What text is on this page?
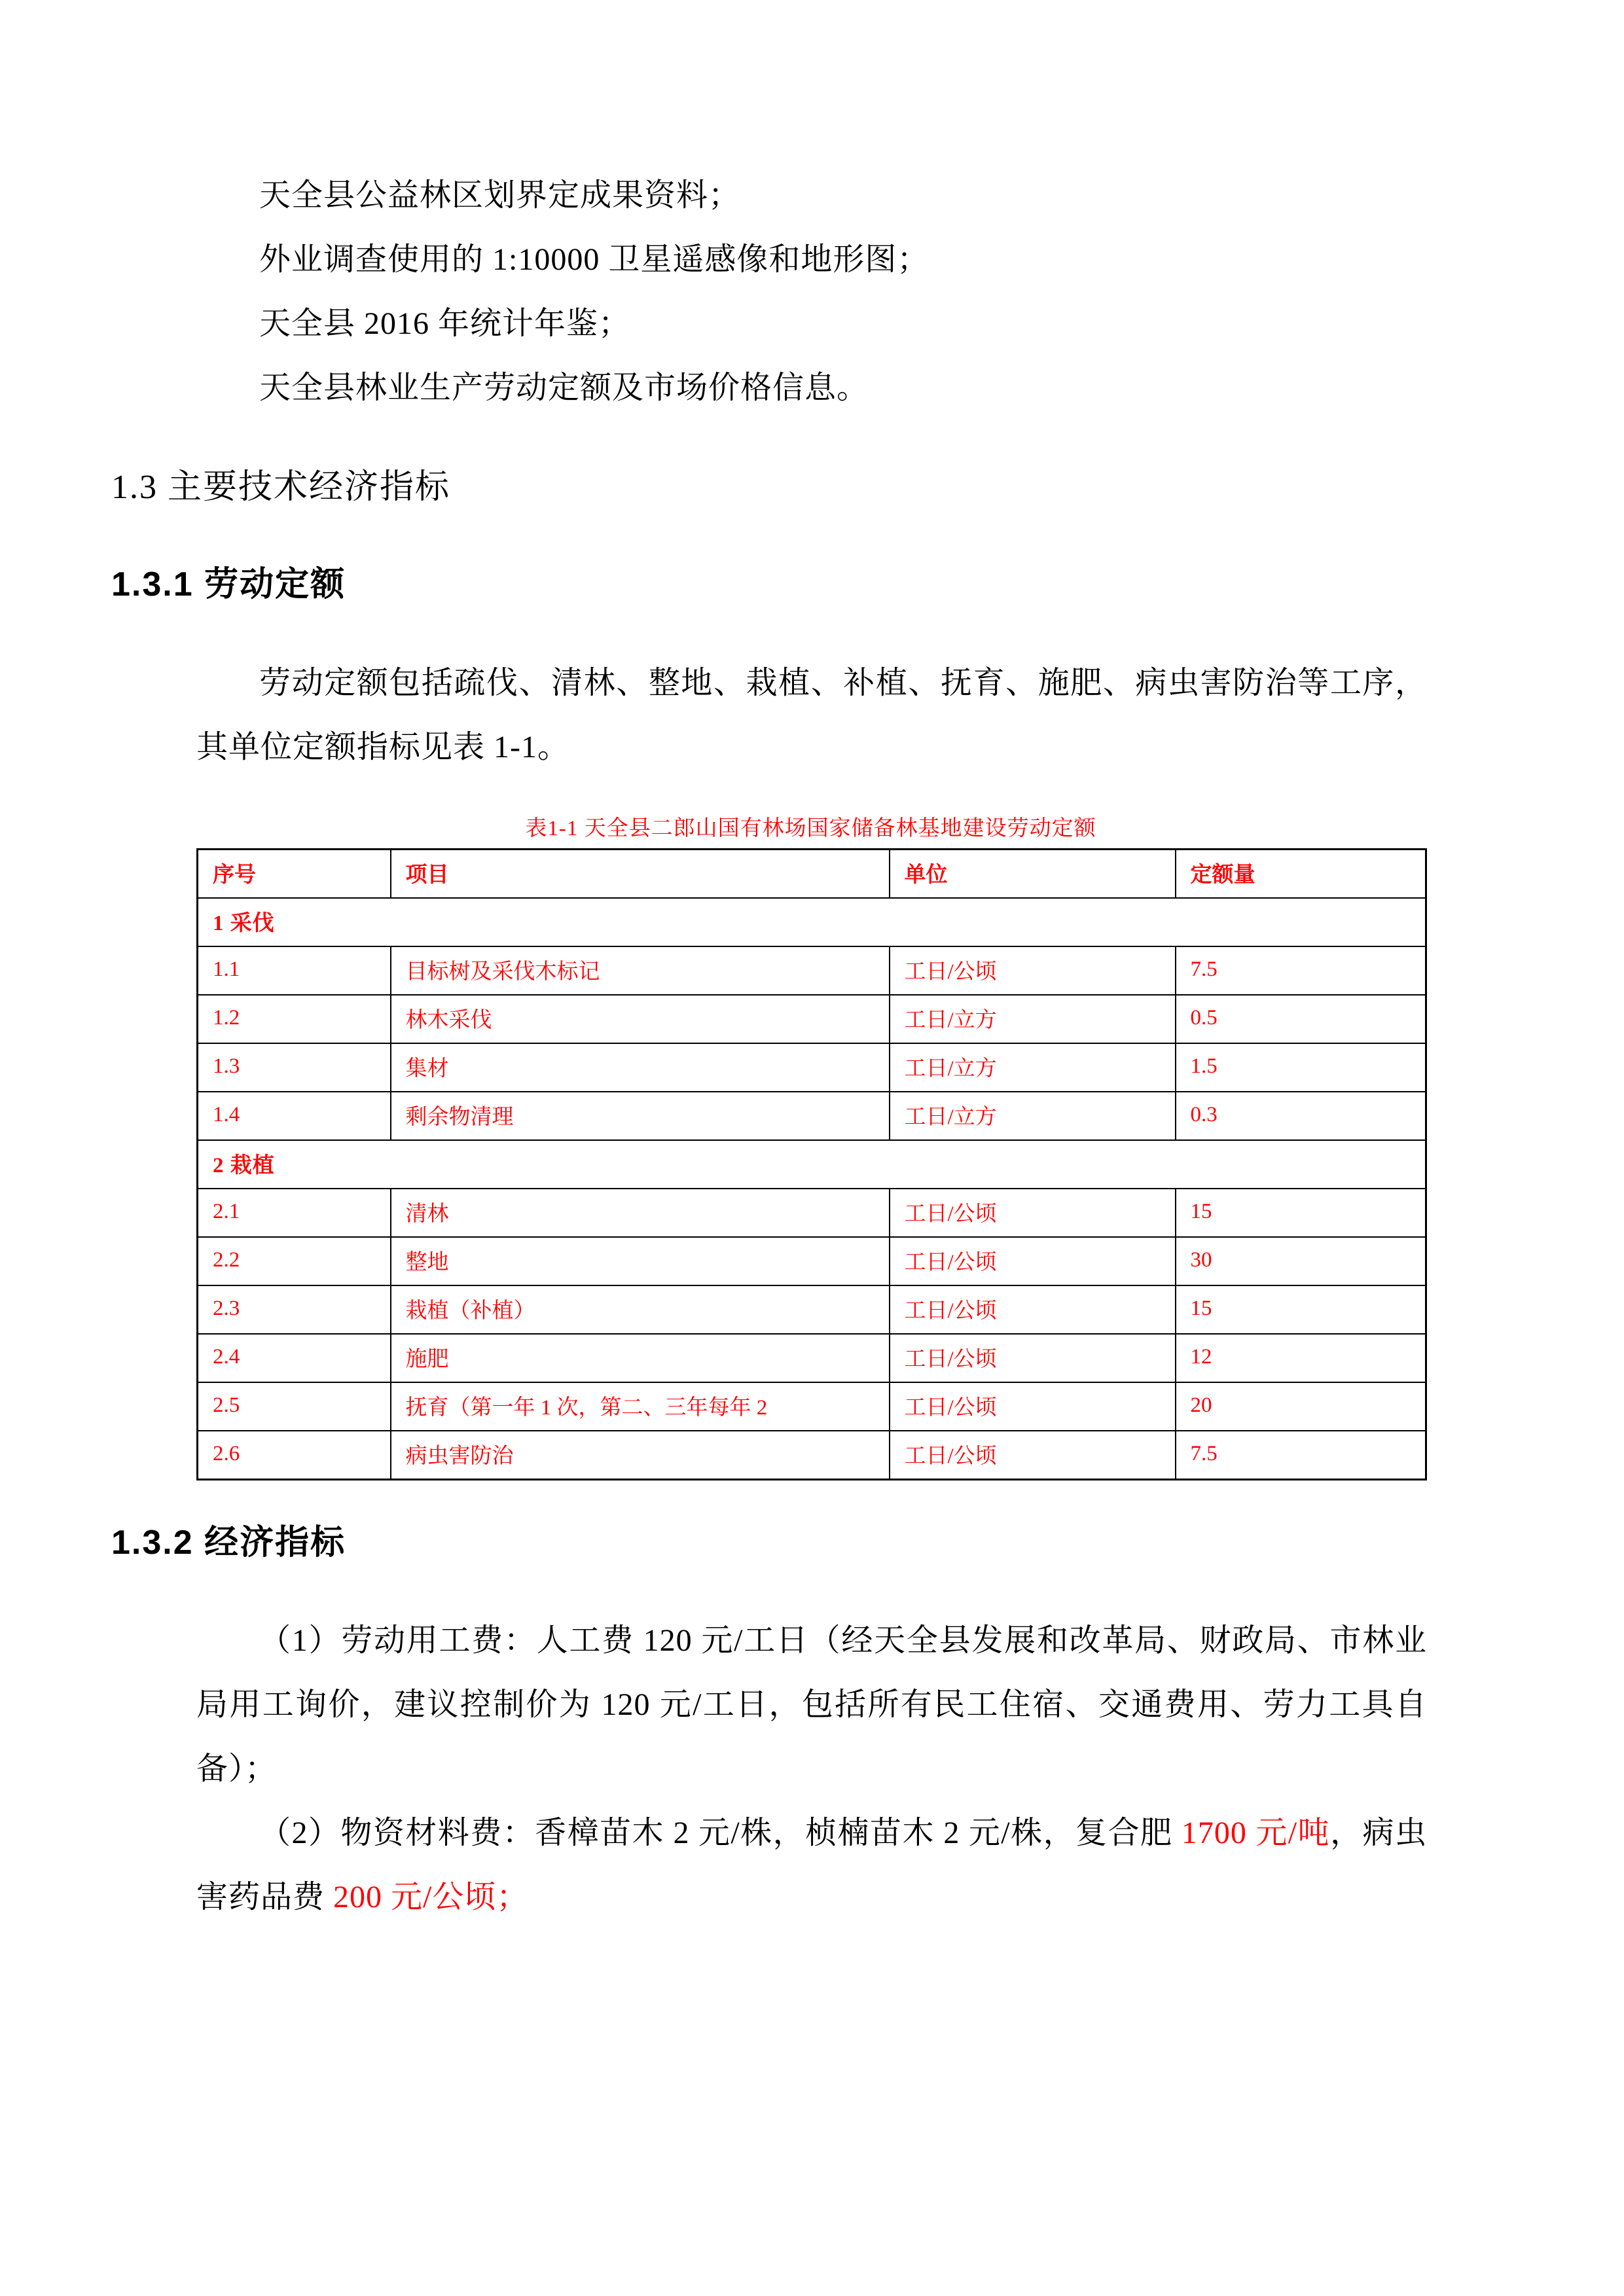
天全县公益林区划界定成果资料；
外业调查使用的 1:10000 卫星遥感像和地形图；
天全县 2016 年统计年鉴；
天全县林业生产劳动定额及市场价格信息。
1.3 主要技术经济指标
1.3.1 劳动定额
劳动定额包括疏伐、清林、整地、栽植、补植、抚育、施肥、病虫害防治等工序，其单位定额指标见表 1-1。
表1-1 天全县二郎山国有林场国家储备林基地建设劳动定额
序号	项目	单位	定额量
1 采伐			
1.1	目标树及采伐木标记	工日/公顷	7.5
1.2	林木采伐	工日/立方	0.5
1.3	集材	工日/立方	1.5
1.4	剩余物清理	工日/立方	0.3
2 栽植			
2.1	清林	工日/公顷	15
2.2	整地	工日/公顷	30
2.3	栽植（补植）	工日/公顷	15
2.4	施肥	工日/公顷	12
2.5	抚育（第一年 1 次，第二、三年每年 2	工日/公顷	20
2.6	病虫害防治	工日/公顷	7.5
1.3.2 经济指标
（1）劳动用工费：人工费 120 元/工日（经天全县发展和改革局、财政局、市林业局用工询价，建议控制价为 120 元/工日，包括所有民工住宿、交通费用、劳力工具自备）；
（2）物资材料费：香樟苗木 2 元/株，桢楠苗木 2 元/株，复合肥 1700 元/吨，病虫害药品费 200 元/公顷；
